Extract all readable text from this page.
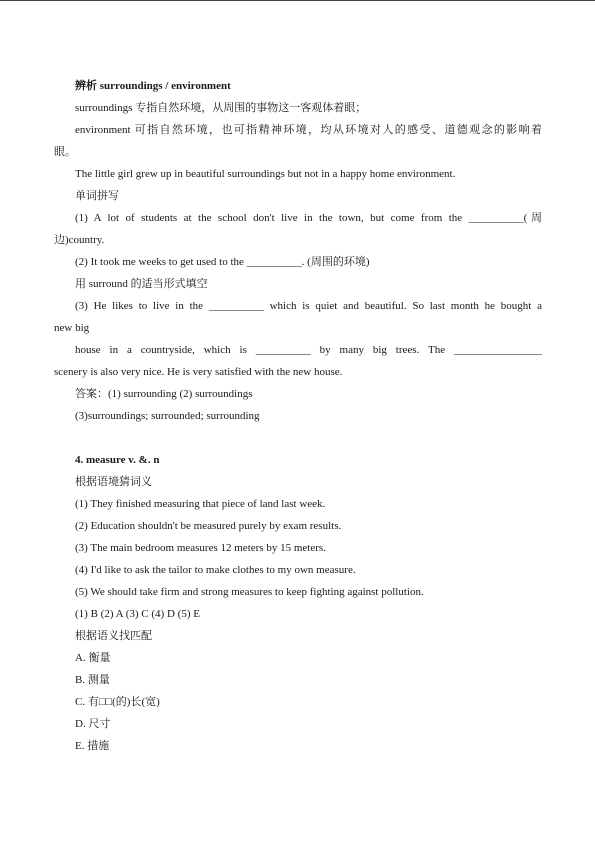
辨析 surroundings / environment
surroundings 专指自然环境，从周围的事物这一客观体着眼；
environment 可指自然环境，也可指精神环境，均从环境对人的感受、道德观念的影响着
眼。
The little girl grew up in beautiful surroundings but not in a happy home environment.
单词拼写
(1) A lot of students at the school don't live in the town, but come from the __________(周
边)country.
(2) It took me weeks to get used to the __________. (周围的环境)
用 surround 的适当形式填空
(3) He likes to live in the __________ which is quiet and beautiful. So last month he bought a
new big
house in a countryside, which is __________ by many big trees. The ________________
scenery is also very nice. He is very satisfied with the new house.
答案：(1) surrounding (2) surroundings
(3)surroundings; surrounded; surrounding
4. measure v. &. n
根据语境猜词义
(1) They finished measuring that piece of land last week.
(2) Education shouldn't be measured purely by exam results.
(3) The main bedroom measures 12 meters by 15 meters.
(4) I'd like to ask the tailor to make clothes to my own measure.
(5) We should take firm and strong measures to keep fighting against pollution.
(1) B (2) A (3) C (4) D (5) E
根据语义找匹配
A. 衡量
B. 测量
C. 有□□(的)长(宽)
D. 尺寸
E. 措施
